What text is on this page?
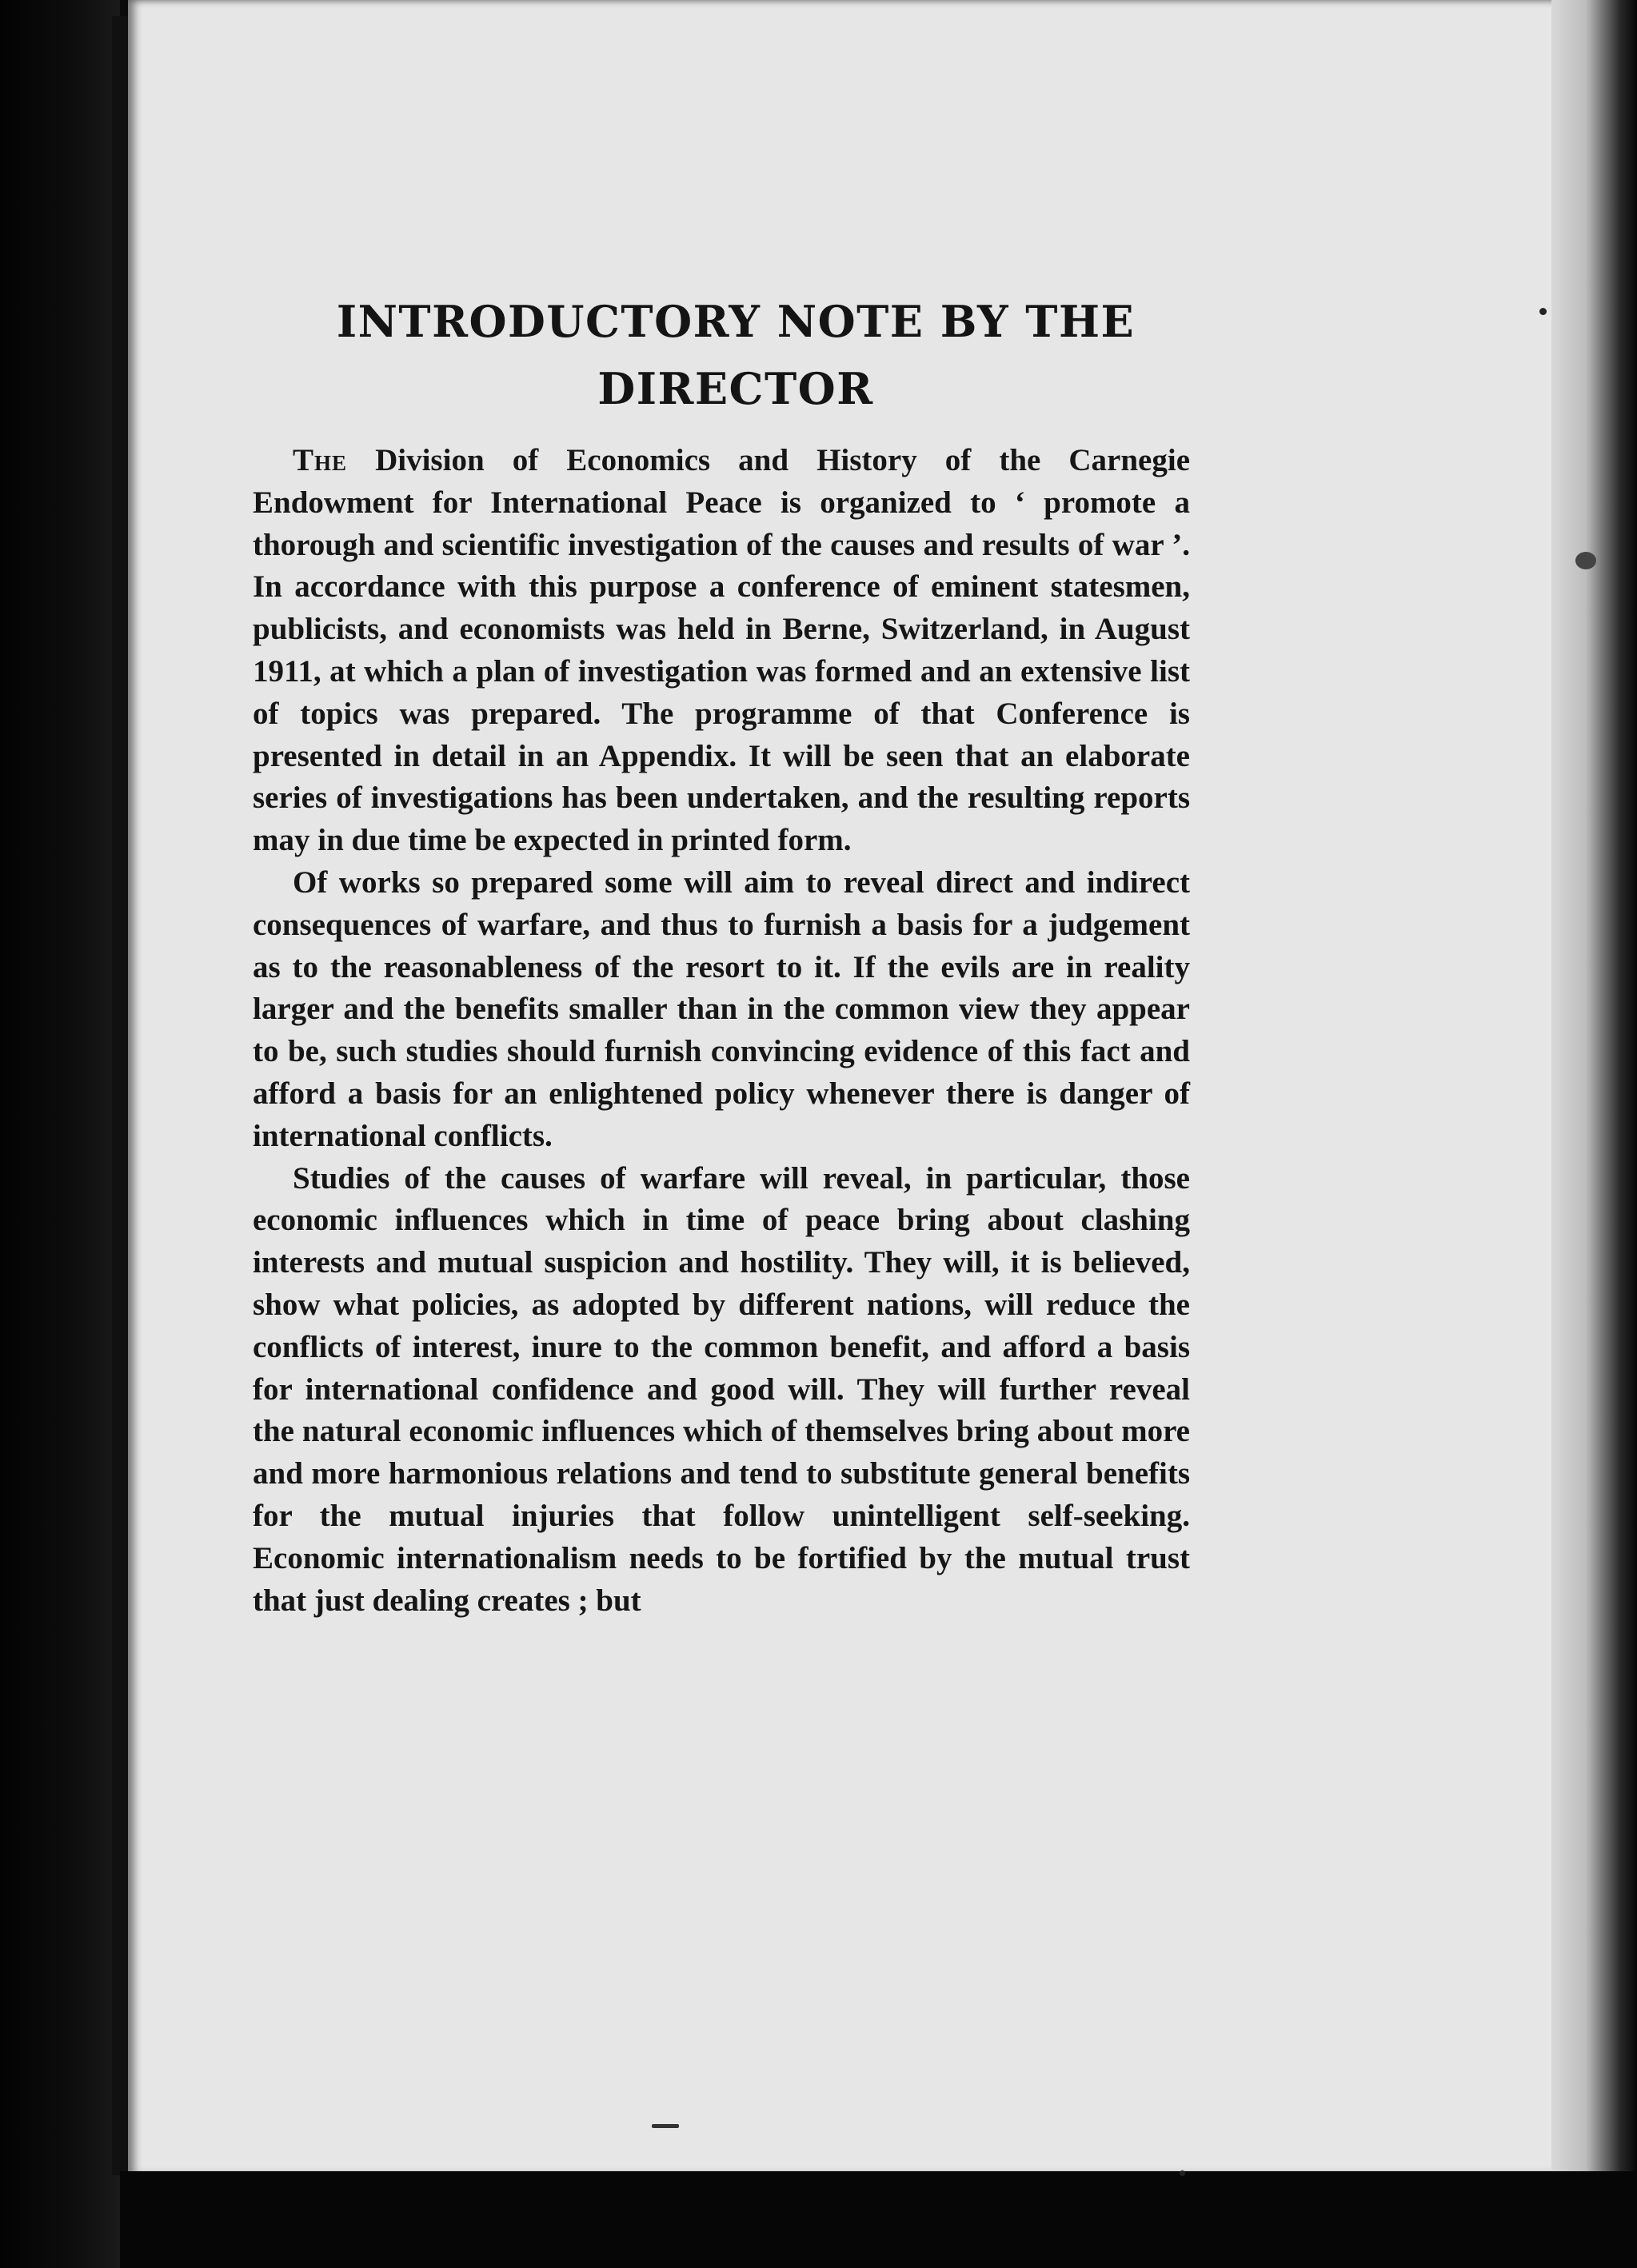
INTRODUCTORY NOTE BY THE
DIRECTOR

The Division of Economics and History of the Carnegie Endowment for International Peace is organized to ‘ promote a thorough and scientific investigation of the causes and results of war ’. In accordance with this purpose a conference of eminent statesmen, publicists, and economists was held in Berne, Switzerland, in August 1911, at which a plan of investigation was formed and an extensive list of topics was prepared. The programme of that Conference is presented in detail in an Appendix. It will be seen that an elaborate series of investigations has been undertaken, and the resulting reports may in due time be expected in printed form.

Of works so prepared some will aim to reveal direct and indirect consequences of warfare, and thus to furnish a basis for a judgement as to the reasonableness of the resort to it. If the evils are in reality larger and the benefits smaller than in the common view they appear to be, such studies should furnish convincing evidence of this fact and afford a basis for an enlightened policy whenever there is danger of international conflicts.

Studies of the causes of warfare will reveal, in particular, those economic influences which in time of peace bring about clashing interests and mutual suspicion and hostility. They will, it is believed, show what policies, as adopted by different nations, will reduce the conflicts of interest, inure to the common benefit, and afford a basis for international confidence and good will. They will further reveal the natural economic influences which of themselves bring about more and more harmonious relations and tend to substitute general benefits for the mutual injuries that follow unintelligent self-seeking. Economic internationalism needs to be fortified by the mutual trust that just dealing creates ; but
